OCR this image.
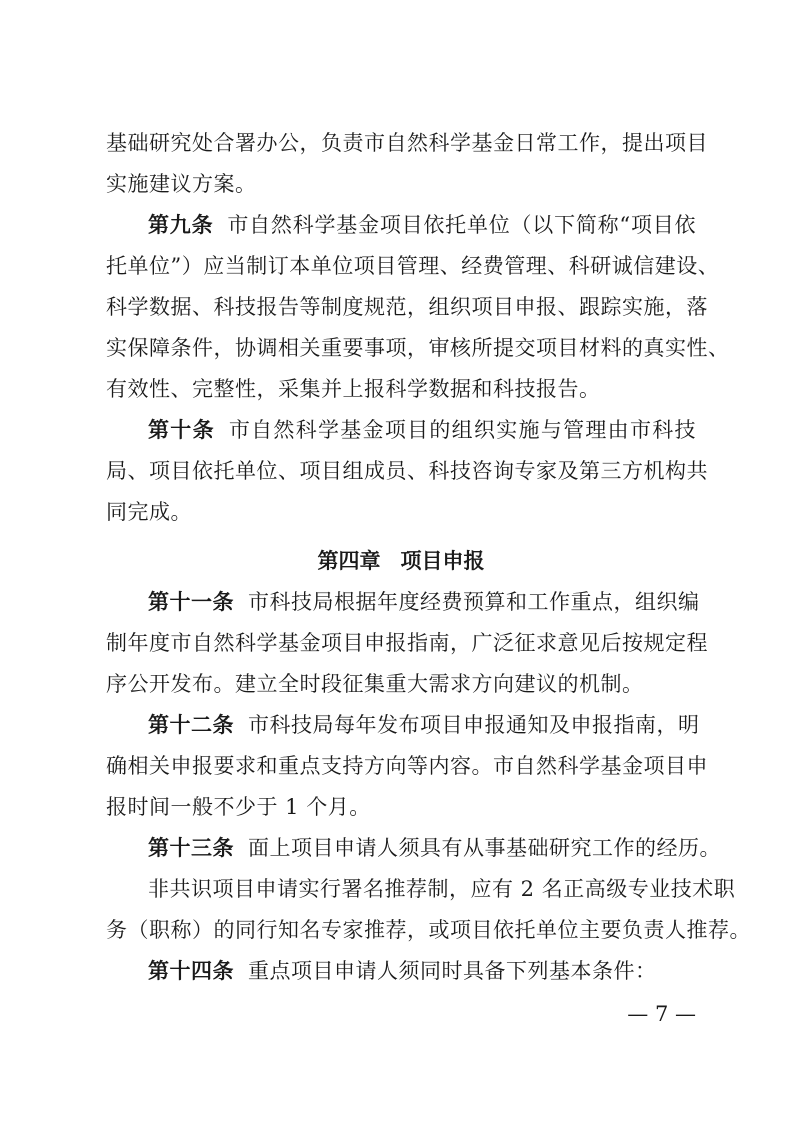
基础研究处合署办公，负责市自然科学基金日常工作，提出项目
实施建议方案。
第九条 市自然科学基金项目依托单位（以下简称“项目依
托单位”）应当制订本单位项目管理、经费管理、科研诚信建设、
科学数据、科技报告等制度规范，组织项目申报、跟踪实施，落
实保障条件，协调相关重要事项，审核所提交项目材料的真实性、
有效性、完整性，采集并上报科学数据和科技报告。
第十条 市自然科学基金项目的组织实施与管理由市科技
局、项目依托单位、项目组成员、科技咨询专家及第三方机构共
同完成。
第四章 项目申报
第十一条 市科技局根据年度经费预算和工作重点，组织编
制年度市自然科学基金项目申报指南，广泛征求意见后按规定程
序公开发布。建立全时段征集重大需求方向建议的机制。
第十二条 市科技局每年发布项目申报通知及申报指南，明
确相关申报要求和重点支持方向等内容。市自然科学基金项目申
报时间一般不少于 1 个月。
第十三条 面上项目申请人须具有从事基础研究工作的经历。
非共识项目申请实行署名推荐制，应有 2 名正高级专业技术职
务（职称）的同行知名专家推荐，或项目依托单位主要负责人推荐。
第十四条 重点项目申请人须同时具备下列基本条件：
— 7 —
